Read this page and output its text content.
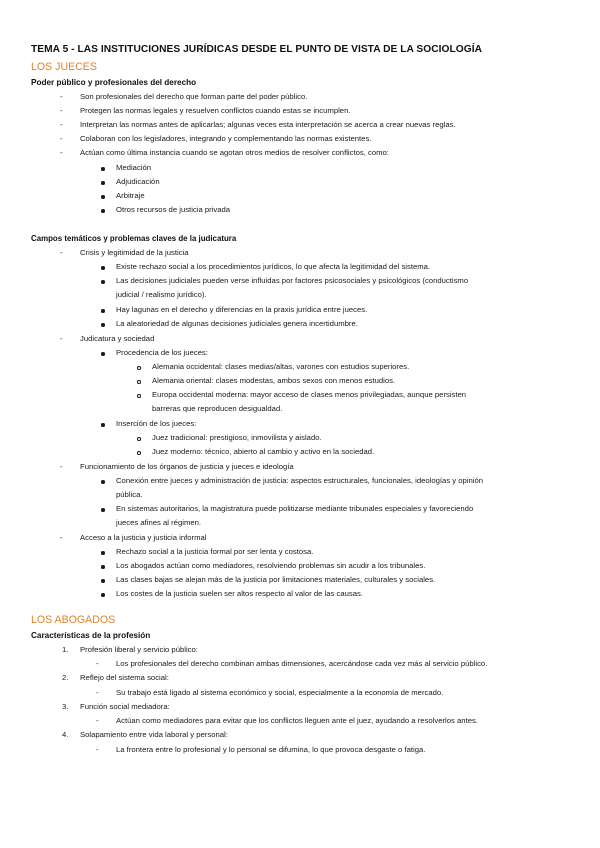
TEMA 5 - LAS INSTITUCIONES JURÍDICAS DESDE EL PUNTO DE VISTA DE LA SOCIOLOGÍA
LOS JUECES
Poder público y profesionales del derecho
- Son profesionales del derecho que forman parte del poder público.
- Protegen las normas legales y resuelven conflictos cuando estas se incumplen.
- Interpretan las normas antes de aplicarlas; algunas veces esta interpretación se acerca a crear nuevas reglas.
- Colaboran con los legisladores, integrando y complementando las normas existentes.
- Actúan como última instancia cuando se agotan otros medios de resolver conflictos, como:
Mediación
Adjudicación
Arbitraje
Otros recursos de justicia privada
Campos temáticos y problemas claves de la judicatura
- Crisis y legitimidad de la justicia
Existe rechazo social a los procedimientos jurídicos, lo que afecta la legitimidad del sistema.
Las decisiones judiciales pueden verse influidas por factores psicosociales y psicológicos (conductismo
judicial / realismo jurídico).
Hay lagunas en el derecho y diferencias en la praxis jurídica entre jueces.
La aleatoriedad de algunas decisiones judiciales genera incertidumbre.
- Judicatura y sociedad
Procedencia de los jueces:
Alemania occidental: clases medias/altas, varones con estudios superiores.
Alemania oriental: clases modestas, ambos sexos con menos estudios.
Europa occidental moderna: mayor acceso de clases menos privilegiadas, aunque persisten
barreras que reproducen desigualdad.
Inserción de los jueces:
Juez tradicional: prestigioso, inmovilista y aislado.
Juez moderno: técnico, abierto al cambio y activo en la sociedad.
- Funcionamiento de los órganos de justicia y jueces e ideología
Conexión entre jueces y administración de justicia: aspectos estructurales, funcionales, ideologías y opinión
pública.
En sistemas autoritarios, la magistratura puede politizarse mediante tribunales especiales y favoreciendo
jueces afines al régimen.
- Acceso a la justicia y justicia informal
Rechazo social a la justicia formal por ser lenta y costosa.
Los abogados actúan como mediadores, resolviendo problemas sin acudir a los tribunales.
Las clases bajas se alejan más de la justicia por limitaciones materiales, culturales y sociales.
Los costes de la justicia suelen ser altos respecto al valor de las causas.
LOS ABOGADOS
Características de la profesión
1. Profesión liberal y servicio público:
- Los profesionales del derecho combinan ambas dimensiones, acercándose cada vez más al servicio público.
2. Reflejo del sistema social:
- Su trabajo está ligado al sistema económico y social, especialmente a la economía de mercado.
3. Función social mediadora:
- Actúan como mediadores para evitar que los conflictos lleguen ante el juez, ayudando a resolverlos antes.
4. Solapamiento entre vida laboral y personal:
- La frontera entre lo profesional y lo personal se difumina, lo que provoca desgaste o fatiga.
